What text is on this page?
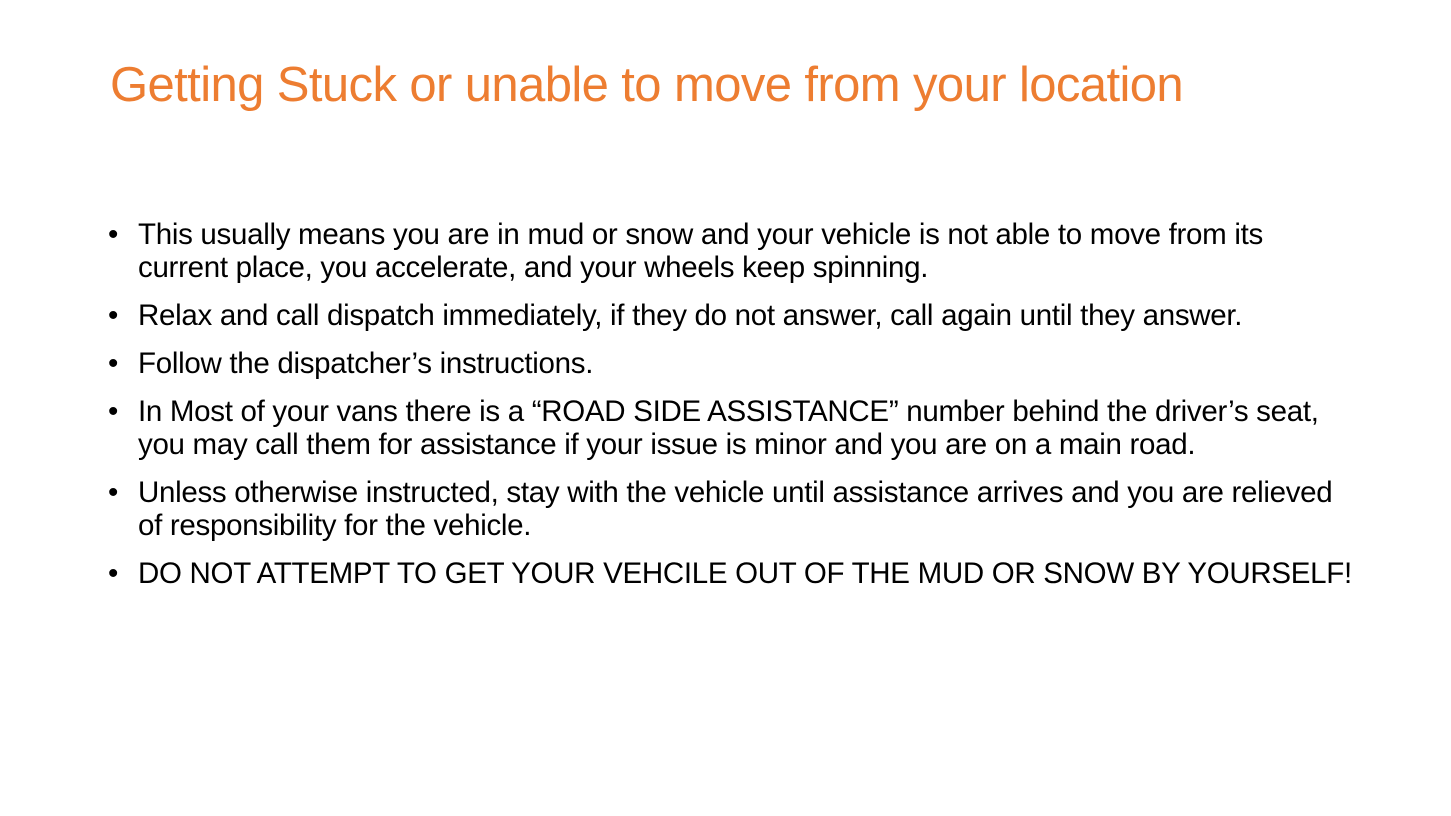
Getting Stuck or unable to move from your location
• This usually means you are in mud or snow and your vehicle is not able to move from its current place, you accelerate, and your wheels keep spinning.
• Relax and call dispatch immediately, if they do not answer, call again until they answer.
• Follow the dispatcher’s instructions.
• In Most of your vans there is a “ROAD SIDE ASSISTANCE” number behind the driver’s seat, you may call them for assistance if your issue is minor and you are on a main road.
• Unless otherwise instructed, stay with the vehicle until assistance arrives and you are relieved of responsibility for the vehicle.
• DO NOT ATTEMPT TO GET YOUR VEHCILE OUT OF THE MUD OR SNOW BY YOURSELF!
